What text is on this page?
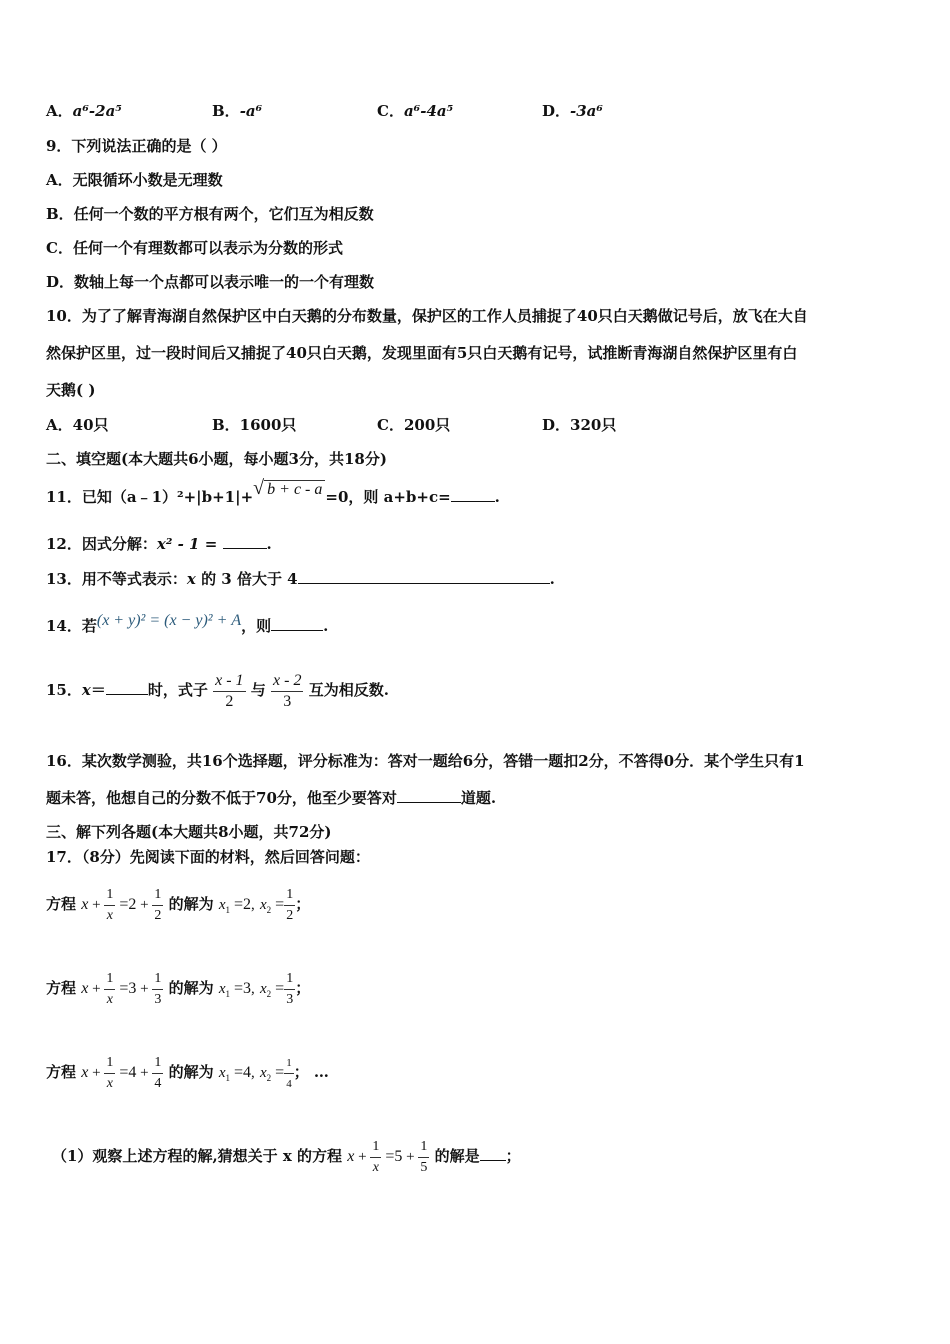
A．a⁶-2a⁵	B．-a⁶	C．a⁶-4a⁵	D．-3a⁶
9．下列说法正确的是（ ）
A．无限循环小数是无理数
B．任何一个数的平方根有两个，它们互为相反数
C．任何一个有理数都可以表示为分数的形式
D．数轴上每一个点都可以表示唯一的一个有理数
10．为了了解青海湖自然保护区中白天鹅的分布数量，保护区的工作人员捕捉了40只白天鹅做记号后，放飞在大自
然保护区里，过一段时间后又捕捉了40只白天鹅，发现里面有5只白天鹅有记号，试推断青海湖自然保护区里有白
天鹅( )
A．40只	B．1600只	C．200只	D．320只
二、填空题(本大题共6小题，每小题3分，共18分)
11．已知（a﹣1）²+|b+1|+√ b + c - a =0，则 a+b+c=	.
12．因式分解：x² - 1 =	.
13．用不等式表示：x 的 3 倍大于 4	.
14．若(x + y)² = (x − y)² + A，则	.
15．x＝	时，式子 $\frac{x - 1}{2}$ 与 $\frac{x - 2}{3}$ 互为相反数.
16．某次数学测验，共16个选择题，评分标准为：答对一题给6分，答错一题扣2分，不答得0分．某个学生只有1
题未答，他想自己的分数不低于70分，他至少要答对	道题.
三、解下列各题(本大题共8小题，共72分)
17．（8分）先阅读下面的材料，然后回答问题：
方程 $x + \frac{1}{x} =2 + \frac{1}{2}$ 的解为 $x_1 =2$, $x_2 = \frac{1}{2}$ ；
方程 $x + \frac{1}{x} =3 + \frac{1}{3}$ 的解为 $x_1 =3$, $x_2 = \frac{1}{3}$ ；
方程 $x + \frac{1}{x} =4 + \frac{1}{4}$ 的解为 $x_1 =4$, $x_2 = \frac{1}{4}$ ； …
（1）观察上述方程的解,猜想关于 x 的方程 $x + \frac{1}{x} =5 + \frac{1}{5}$ 的解是 ；
